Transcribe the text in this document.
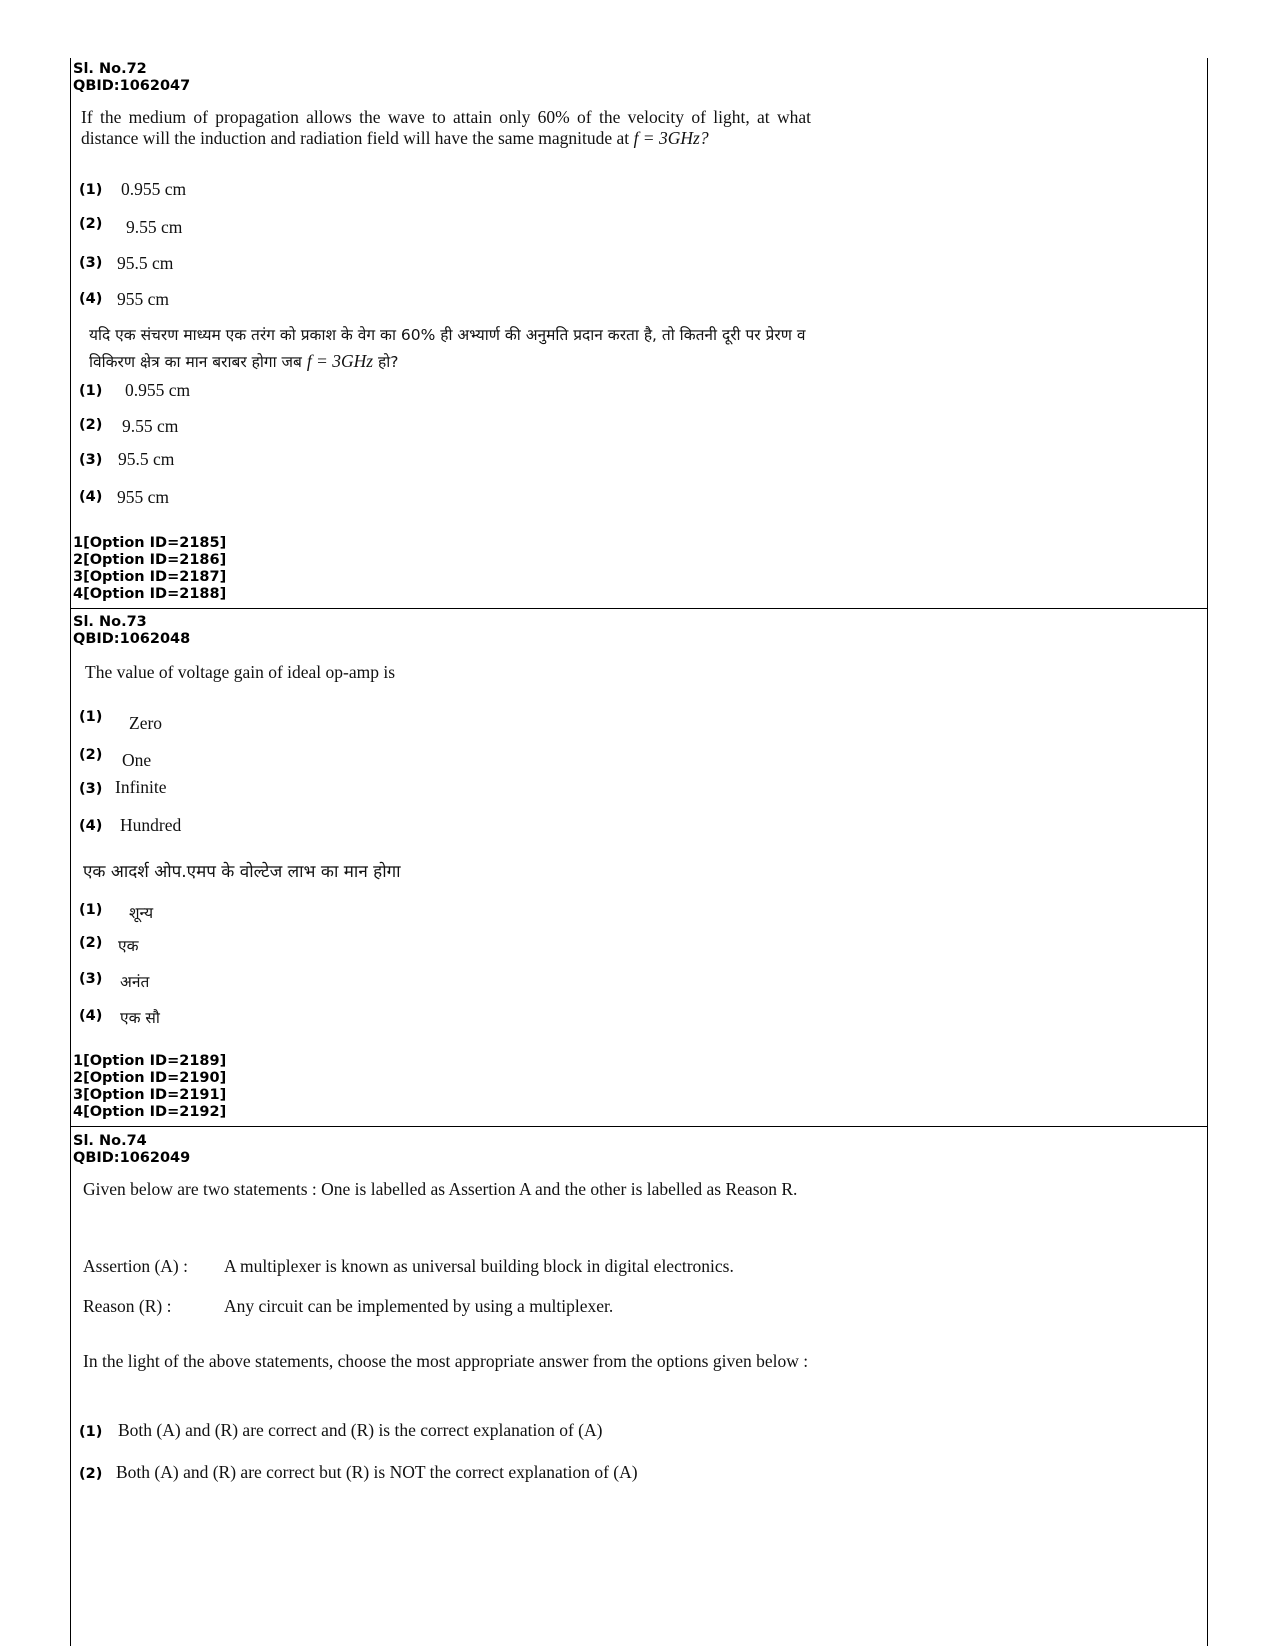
Sl. No.72
QBID:1062047
If the medium of propagation allows the wave to attain only 60% of the velocity of light, at what distance will the induction and radiation field will have the same magnitude at f = 3GHz?
(1) 0.955 cm
(2) 9.55 cm
(3) 95.5 cm
(4) 955 cm
यदि एक संचरण माध्यम एक तरंग को प्रकाश के वेग का 60% ही अभ्यार्ण की अनुमति प्रदान करता है, तो कितनी दूरी पर प्रेरण व
विकिरण क्षेत्र का मान बराबर होगा जब f = 3GHz हो?
(1) 0.955 cm
(2) 9.55 cm
(3) 95.5 cm
(4) 955 cm
1[Option ID=2185]
2[Option ID=2186]
3[Option ID=2187]
4[Option ID=2188]
Sl. No.73
QBID:1062048
The value of voltage gain of ideal op-amp is
(1) Zero
(2) One
(3) Infinite
(4) Hundred
एक आदर्श ओप.एमप के वोल्टेज लाभ का मान होगा
(1) शून्य
(2) एक
(3) अनंत
(4) एक सौ
1[Option ID=2189]
2[Option ID=2190]
3[Option ID=2191]
4[Option ID=2192]
Sl. No.74
QBID:1062049
Given below are two statements : One is labelled as Assertion A and the other is labelled as Reason R.
Assertion (A) : A multiplexer is known as universal building block in digital electronics.
Reason (R) :	Any circuit can be implemented by using a multiplexer.
In the light of the above statements, choose the most appropriate answer from the options given below :
(1) Both (A) and (R) are correct and (R) is the correct explanation of (A)
(2) Both (A) and (R) are correct but (R) is NOT the correct explanation of (A)
